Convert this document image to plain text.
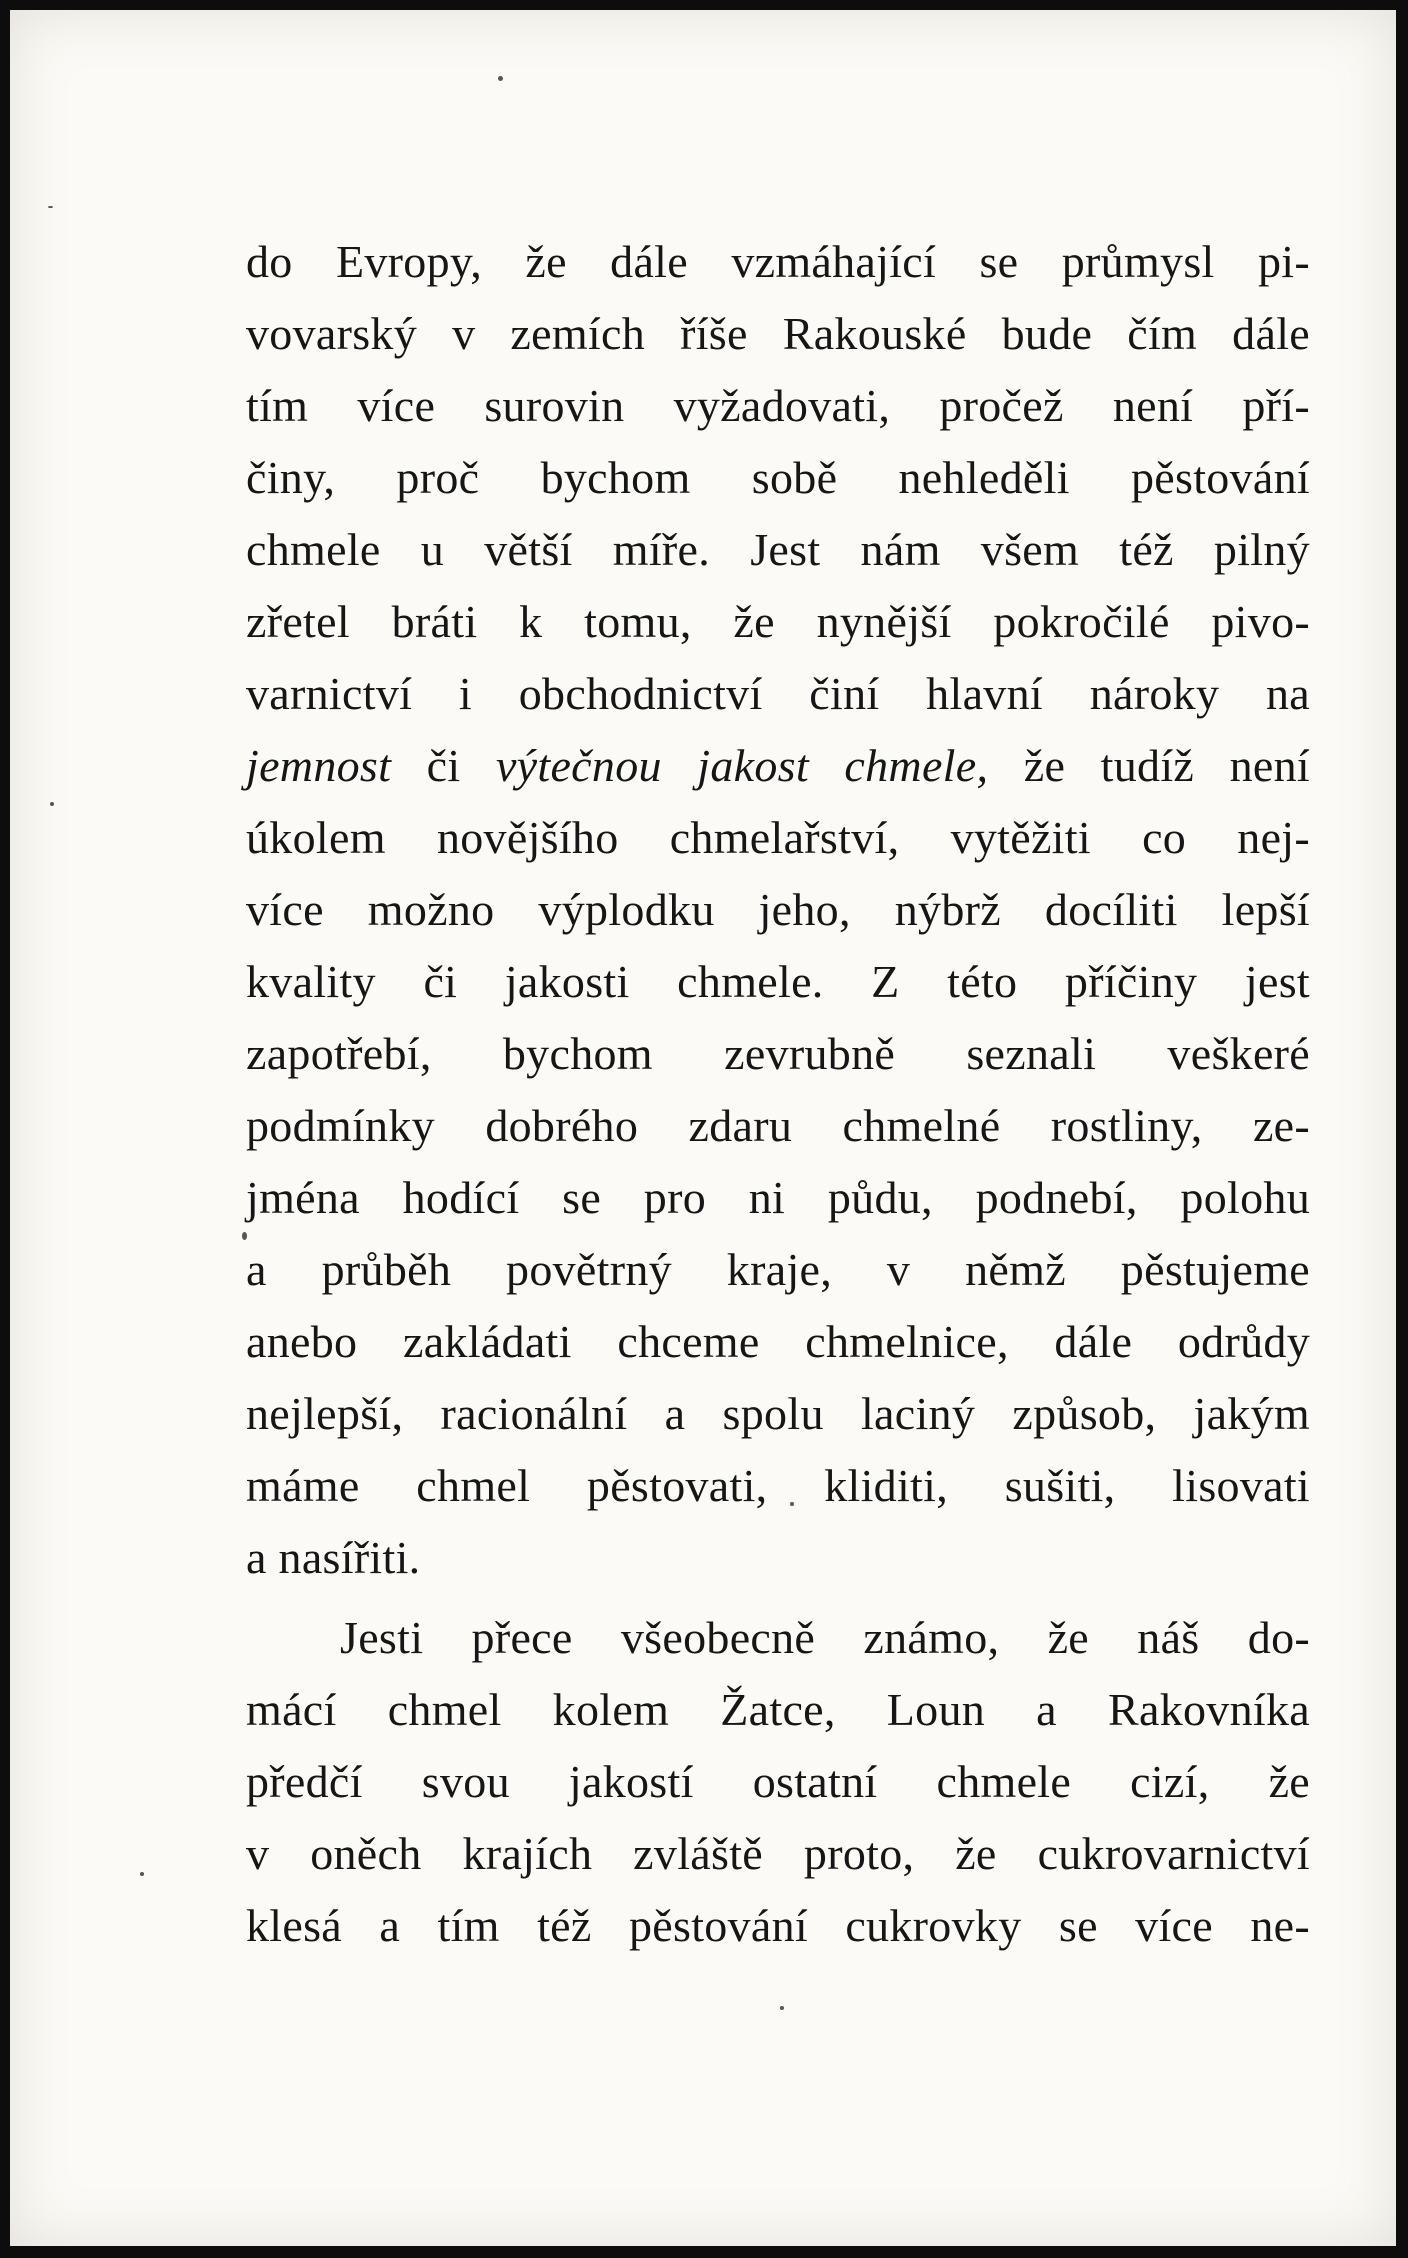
do Evropy, že dále vzmáhající se průmysl pi-
vovarský v zemích říše Rakouské bude čím dále
tím více surovin vyžadovati, pročež není pří-
činy, proč bychom sobě nehleděli pěstování
chmele u větší míře. Jest nám všem též pilný
zřetel bráti k tomu, že nynější pokročilé pivo-
varnictví i obchodnictví činí hlavní nároky na
jemnost či výtečnou jakost chmele, že tudíž není
úkolem novějšího chmelařství, vytěžiti co nej-
více možno výplodku jeho, nýbrž docíliti lepší
kvality či jakosti chmele. Z této příčiny jest
zapotřebí, bychom zevrubně seznali veškeré
podmínky dobrého zdaru chmelné rostliny, ze-
jména hodící se pro ni půdu, podnebí, polohu
a průběh povětrný kraje, v němž pěstujeme
anebo zakládati chceme chmelnice, dále odrůdy
nejlepší, racionální a spolu laciný způsob, jakým
máme chmel pěstovati, kliditi, sušiti, lisovati
a nasířiti.
Jesti přece všeobecně známo, že náš do-
mácí chmel kolem Žatce, Loun a Rakovníka
předčí svou jakostí ostatní chmele cizí, že
v oněch krajích zvláště proto, že cukrovarnictví
klesá a tím též pěstování cukrovky se více ne-
